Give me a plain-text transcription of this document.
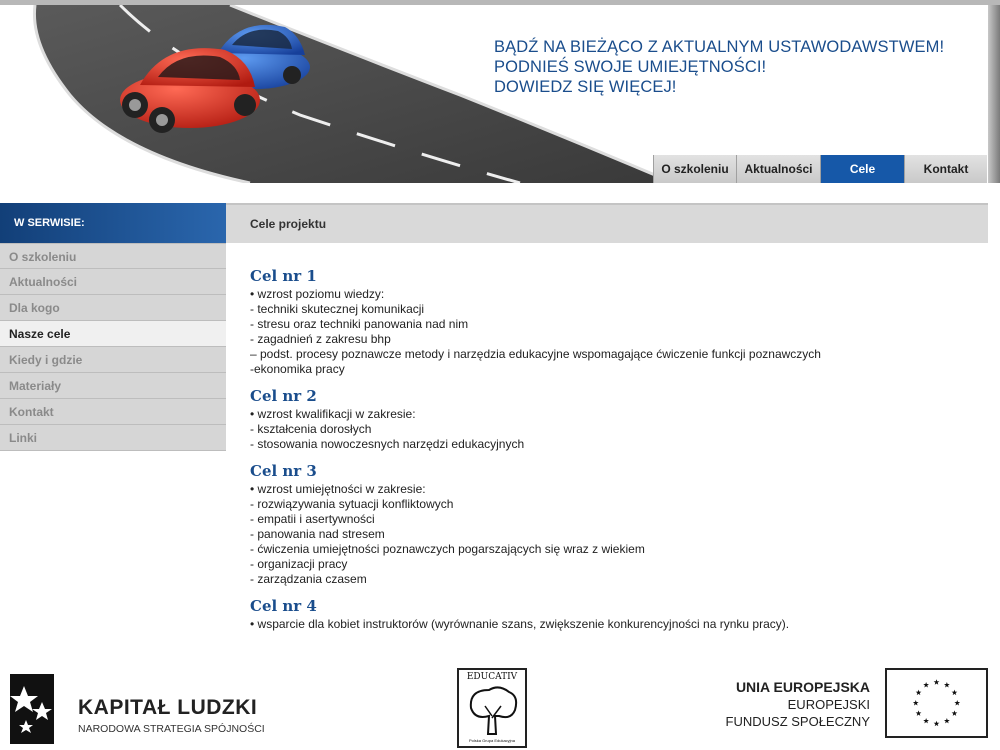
BĄDŹ NA BIEŻĄCO Z AKTUALNYM USTAWODAWSTWEM!
PODNIEŚ SWOJE UMIEJĘTNOŚCI!
DOWIEDZ SIĘ WIĘCEJ!
O szkoleniu	Aktualności	Cele	Kontakt
W SERWISIE:
O szkoleniu
Aktualności
Dla kogo
Nasze cele
Kiedy i gdzie
Materiały
Kontakt
Linki
Cele projektu
Cel nr 1
• wzrost poziomu wiedzy:
- techniki skutecznej komunikacji
- stresu oraz techniki panowania nad nim
- zagadnień z zakresu bhp
– podst. procesy poznawcze metody i narzędzia edukacyjne wspomagające ćwiczenie funkcji poznawczych
-ekonomika pracy
Cel nr 2
• wzrost kwalifikacji w zakresie:
- kształcenia dorosłych
- stosowania nowoczesnych narzędzi edukacyjnych
Cel nr 3
• wzrost umiejętności w zakresie:
- rozwiązywania sytuacji konfliktowych
- empatii i asertywności
- panowania nad stresem
- ćwiczenia umiejętności poznawczych pogarszających się wraz z wiekiem
- organizacji pracy
- zarządzania czasem
Cel nr 4
• wsparcie dla kobiet instruktorów (wyrównanie szans, zwiększenie konkurencyjności na rynku pracy).
KAPITAŁ LUDZKI
NARODOWA STRATEGIA SPÓJNOŚCI
EDUCATIV
Polska Grupa Edukacyjna
UNIA EUROPEJSKA
EUROPEJSKI
FUNDUSZ SPOŁECZNY
